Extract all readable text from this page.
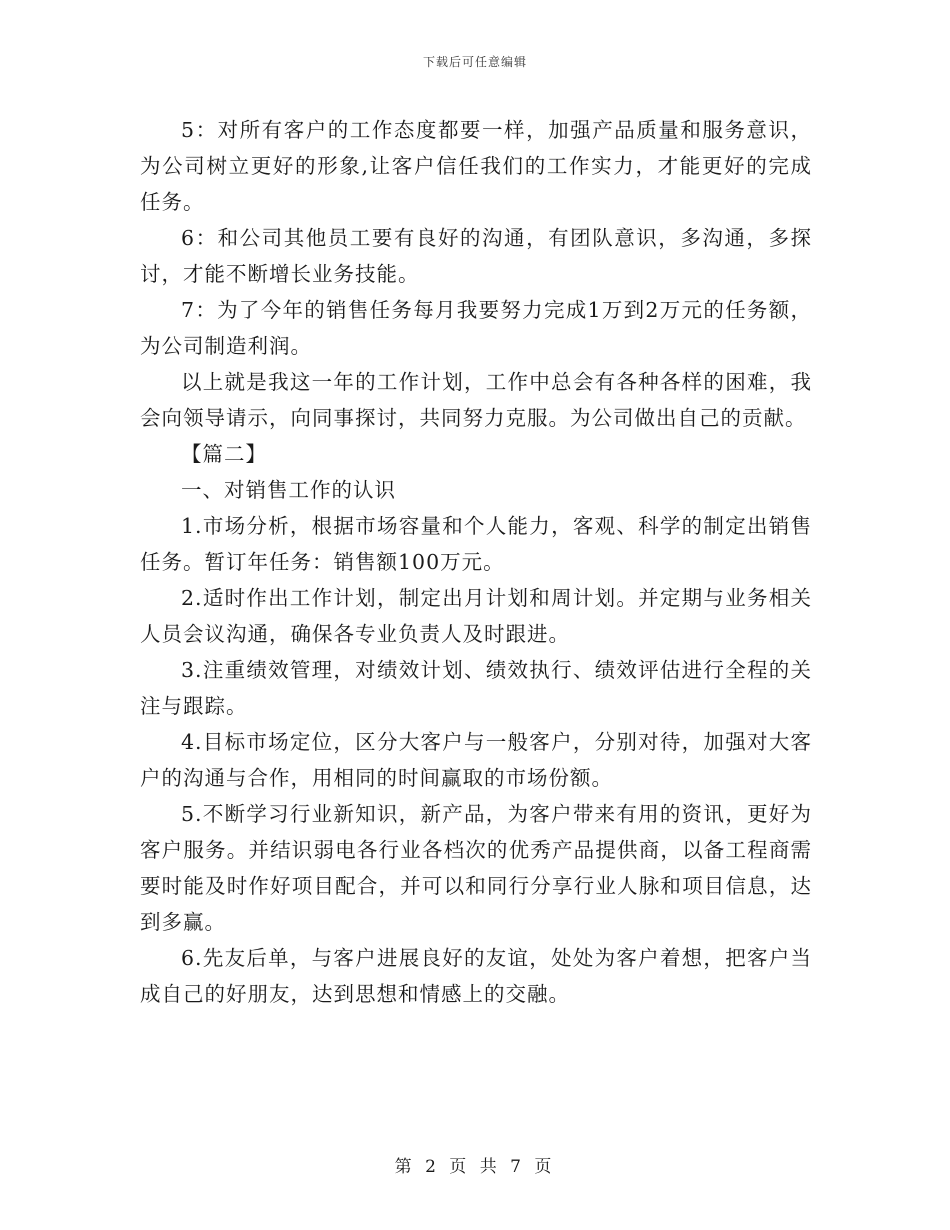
下载后可任意编辑

5：对所有客户的工作态度都要一样，加强产品质量和服务意识，为公司树立更好的形象,让客户信任我们的工作实力，才能更好的完成任务。

6：和公司其他员工要有良好的沟通，有团队意识，多沟通，多探讨，才能不断增长业务技能。

7：为了今年的销售任务每月我要努力完成1万到2万元的任务额，为公司制造利润。

以上就是我这一年的工作计划，工作中总会有各种各样的困难，我会向领导请示，向同事探讨，共同努力克服。为公司做出自己的贡献。

【篇二】

一、对销售工作的认识

1.市场分析，根据市场容量和个人能力，客观、科学的制定出销售任务。暂订年任务：销售额100万元。

2.适时作出工作计划，制定出月计划和周计划。并定期与业务相关人员会议沟通，确保各专业负责人及时跟进。

3.注重绩效管理，对绩效计划、绩效执行、绩效评估进行全程的关注与跟踪。

4.目标市场定位，区分大客户与一般客户，分别对待，加强对大客户的沟通与合作，用相同的时间赢取的市场份额。

5.不断学习行业新知识，新产品，为客户带来有用的资讯，更好为客户服务。并结识弱电各行业各档次的优秀产品提供商，以备工程商需要时能及时作好项目配合，并可以和同行分享行业人脉和项目信息，达到多赢。

6.先友后单，与客户进展良好的友谊，处处为客户着想，把客户当成自己的好朋友，达到思想和情感上的交融。

第 2 页 共 7 页
